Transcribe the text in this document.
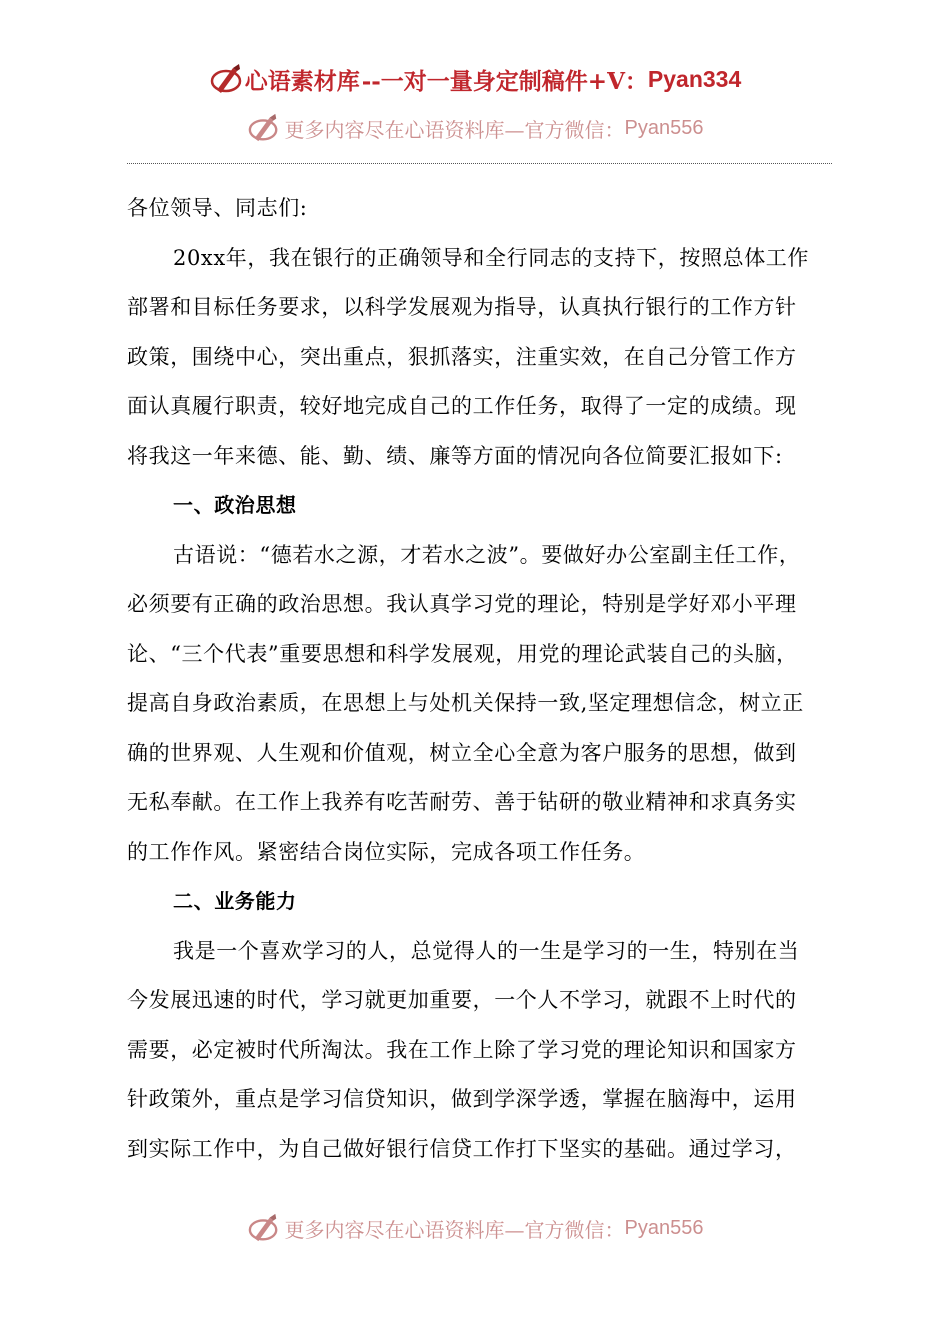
心语素材库 --一对一量身定制稿件+V： Pyan334
更多内容尽在心语资料库—官方微信： Pyan556
各位领导、同志们:
20xx年，我在银行的正确领导和全行同志的支持下，按照总体工作
部署和目标任务要求，以科学发展观为指导，认真执行银行的工作方针
政策，围绕中心，突出重点，狠抓落实，注重实效，在自己分管工作方
面认真履行职责，较好地完成自己的工作任务，取得了一定的成绩。现
将我这一年来德、能、勤、绩、廉等方面的情况向各位简要汇报如下:
一、政治思想
古语说：“德若水之源，才若水之波”。要做好办公室副主任工作，
必须要有正确的政治思想。我认真学习党的理论，特别是学好邓小平理
论、“三个代表”重要思想和科学发展观，用党的理论武装自己的头脑，
提高自身政治素质，在思想上与处机关保持一致,坚定理想信念，树立正
确的世界观、人生观和价值观，树立全心全意为客户服务的思想，做到
无私奉献。在工作上我养有吃苦耐劳、善于钻研的敬业精神和求真务实
的工作作风。紧密结合岗位实际，完成各项工作任务。
二、业务能力
我是一个喜欢学习的人，总觉得人的一生是学习的一生，特别在当
今发展迅速的时代，学习就更加重要，一个人不学习，就跟不上时代的
需要，必定被时代所淘汰。我在工作上除了学习党的理论知识和国家方
针政策外，重点是学习信贷知识，做到学深学透，掌握在脑海中，运用
到实际工作中，为自己做好银行信贷工作打下坚实的基础。通过学习，
更多内容尽在心语资料库—官方微信： Pyan556
